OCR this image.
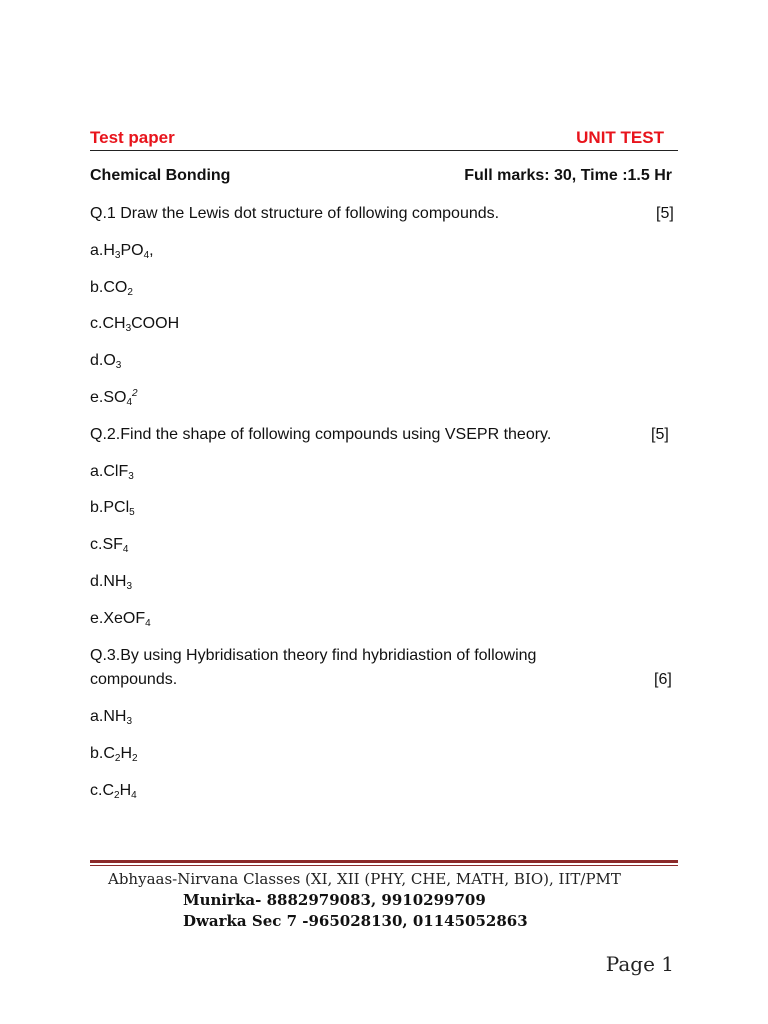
Test paper	UNIT TEST
Chemical Bonding	Full marks: 30, Time :1.5 Hr
Q.1 Draw the Lewis dot structure of following compounds.	[5]
$a.H_3PO_4$,
$b.CO_2$
$c.CH_3COOH$
$d.O_3$
$e.SO_4^2$
Q.2.Find the shape of following compounds using VSEPR theory.	[5]
a.ClF$_3$
b.PCl$_5$
$c.SF_4$
$d.NH_3$
e.XeOF$_4$
Q.3.By using Hybridisation theory find hybridiastion of following
compounds.	[6]
$a.NH_3$
$b.C_2H_2$
$c.C_2H_4$
Abhyaas-Nirvana Classes (XI, XII (PHY, CHE, MATH, BIO), IIT/PMT
Munirka- 8882979083, 9910299709
Dwarka Sec 7 -965028130, 01145052863
Page 1
